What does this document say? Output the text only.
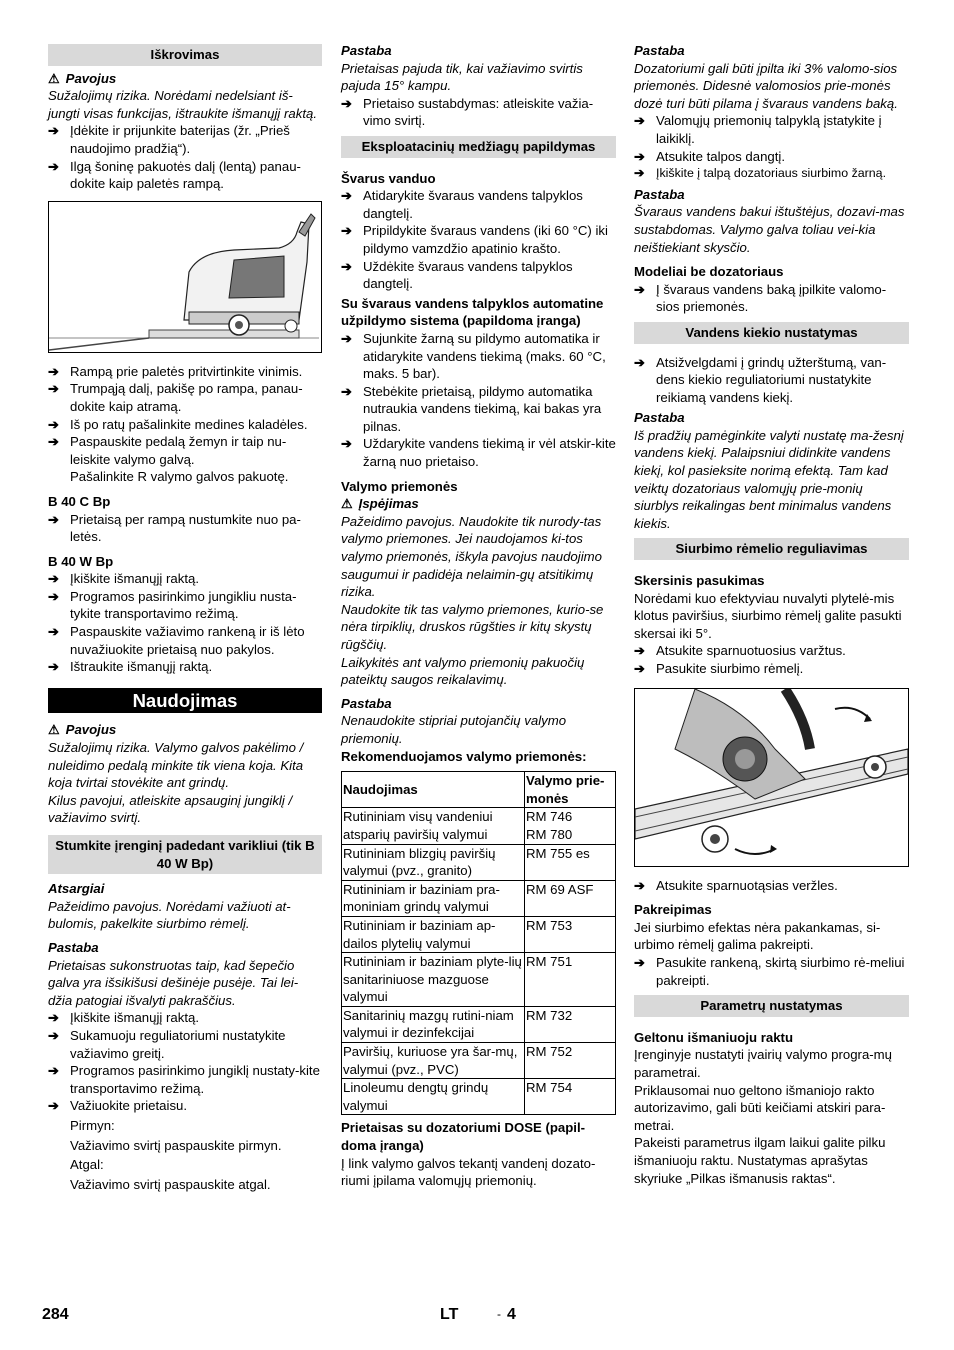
Iškrovimas
⚠ Pavojus
Sužalojimų rizika. Norėdami nedelsiant iš-jungti visas funkcijas, ištraukite išmanųjį raktą.
➔ Įdėkite ir prijunkite baterijas (žr. „Prieš naudojimo pradžią“).
➔ Ilgą šoninę pakuotės dalį (lentą) panau-dokite kaip paletės rampą.
➔ Rampą prie paletės pritvirtinkite vinimis.
➔ Trumpąją dalį, pakišę po rampa, panau-dokite kaip atramą.
➔ Iš po ratų pašalinkite medines kaladėles.
➔ Paspauskite pedalą žemyn ir taip nu-leiskite valymo galvą.
Pašalinkite R valymo galvos pakuotę.
B 40 C Bp
➔ Prietaisą per rampą nustumkite nuo pa-letės.
B 40 W Bp
➔ Įkiškite išmanųjį raktą.
➔ Programos pasirinkimo jungikliu nusta-tykite transportavimo režimą.
➔ Paspauskite važiavimo rankeną ir iš lėto nuvažiuokite prietaisą nuo pakylos.
➔ Ištraukite išmanųjį raktą.
Naudojimas
⚠ Pavojus
Sužalojimų rizika. Valymo galvos pakėlimo / nuleidimo pedalą minkite tik viena koja. Kita koja tvirtai stovėkite ant grindų.
Kilus pavojui, atleiskite apsauginį jungiklį / važiavimo svirtį.
Stumkite įrenginį padedant varikliui (tik B 40 W Bp)
Atsargiai
Pažeidimo pavojus. Norėdami važiuoti at-bulomis, pakelkite siurbimo rėmelį.
Pastaba
Prietaisas sukonstruotas taip, kad šepečio galva yra išsikišusi dešinėje pusėje. Tai lei-džia patogiai išvalyti pakraščius.
➔ Įkiškite išmanųjį raktą.
➔ Sukamuoju reguliatoriumi nustatykite važiavimo greitį.
➔ Programos pasirinkimo jungiklį nustaty-kite transportavimo režimą.
➔ Važiuokite prietaisu.
Pirmyn:
Važiavimo svirtį paspauskite pirmyn.
Atgal:
Važiavimo svirtį paspauskite atgal.
Pastaba
Prietaisas pajuda tik, kai važiavimo svirtis pajuda 15° kampu.
➔ Prietaiso sustabdymas: atleiskite važia-vimo svirtį.
Eksploatacinių medžiagų papildymas
Švarus vanduo
➔ Atidarykite švaraus vandens talpyklos dangtelį.
➔ Pripildykite švaraus vandens (iki 60 °C) iki pildymo vamzdžio apatinio krašto.
➔ Uždėkite švaraus vandens talpyklos dangtelį.
Su švaraus vandens talpyklos automatine užpildymo sistema (papildoma įranga)
➔ Sujunkite žarną su pildymo automatika ir atidarykite vandens tiekimą (maks. 60 °C, maks. 5 bar).
➔ Stebėkite prietaisą, pildymo automatika nutraukia vandens tiekimą, kai bakas yra pilnas.
➔ Uždarykite vandens tiekimą ir vėl atskir-kite žarną nuo prietaiso.
Valymo priemonės
⚠ Įspėjimas
Pažeidimo pavojus. Naudokite tik nurody-tas valymo priemones. Jei naudojamos ki-tos valymo priemonės, iškyla pavojus naudojimo saugumui ir padidėja nelaimin-gų atsitikimų rizika.
Naudokite tik tas valymo priemones, kurio-se nėra tirpiklių, druskos rūgšties ir kitų skystų rūgščių.
Laikykitės ant valymo priemonių pakuočių pateiktų saugos reikalavimų.
Pastaba
Nenaudokite stipriai putojančių valymo priemonių.
Rekomenduojamos valymo priemonės:
Naudojimas	Valymo prie-monės
Rutininiam visų vandeniui atsparių paviršių valymui	RM 746
RM 780
Rutininiam blizgių paviršių valymui (pvz., granito)	RM 755 es
Rutininiam ir baziniam pra-moniniam grindų valymui	RM 69 ASF
Rutininiam ir baziniam ap-dailos plytelių valymui	RM 753
Rutininiam ir baziniam plyte-lių sanitariniuose mazguose valymui	RM 751
Sanitarinių mazgų rutini-niam valymui ir dezinfekcijai	RM 732
Paviršių, kuriuose yra šar-mų, valymui (pvz., PVC)	RM 752
Linoleumu dengtų grindų valymui	RM 754
Prietaisas su dozatoriumi DOSE (papil-doma įranga)
Į link valymo galvos tekantį vandenį dozato-riumi įpilama valomųjų priemonių.
Pastaba
Dozatoriumi gali būti įpilta iki 3% valomo-sios priemonės. Didesnė valomosios prie-monės dozė turi būti pilama į švaraus vandens baką.
➔ Valomųjų priemonių talpyklą įstatykite į laikiklį.
➔ Atsukite talpos dangtį.
➔ Įkiškite į talpą dozatoriaus siurbimo žarną.
Pastaba
Švaraus vandens bakui ištuštėjus, dozavi-mas sustabdomas. Valymo galva toliau vei-kia neištiekiant skysčio.
Modeliai be dozatoriaus
➔ Į švaraus vandens baką įpilkite valomo-sios priemonės.
Vandens kiekio nustatymas
➔ Atsižvelgdami į grindų užterštumą, van-dens kiekio reguliatoriumi nustatykite reikiamą vandens kiekį.
Pastaba
Iš pradžių pamėginkite valyti nustatę ma-žesnį vandens kiekį. Palaipsniui didinkite vandens kiekį, kol pasieksite norimą efektą. Tam kad veiktų dozatoriaus valomųjų prie-monių siurblys reikalingas bent minimalus vandens kiekis.
Siurbimo rėmelio reguliavimas
Skersinis pasukimas
Norėdami kuo efektyviau nuvalyti plytelė-mis klotus paviršius, siurbimo rėmelį galite pasukti skersai iki 5°.
➔ Atsukite sparnuotuosius varžtus.
➔ Pasukite siurbimo rėmelį.
➔ Atsukite sparnuotąsias veržles.
Pakreipimas
Jei siurbimo efektas nėra pakankamas, si-urbimo rėmelį galima pakreipti.
➔ Pasukite rankeną, skirtą siurbimo rė-meliui pakreipti.
Parametrų nustatymas
Geltonu išmaniuoju raktu
Įrenginyje nustatyti įvairių valymo progra-mų parametrai.
Priklausomai nuo geltono išmaniojo rakto autorizavimo, gali būti keičiami atskiri para-metrai.
Pakeisti parametrus ilgam laikui galite pilku išmaniuoju raktu. Nustatymas aprašytas skyriuke „Pilkas išmanusis raktas“.
284	LT	- 4
